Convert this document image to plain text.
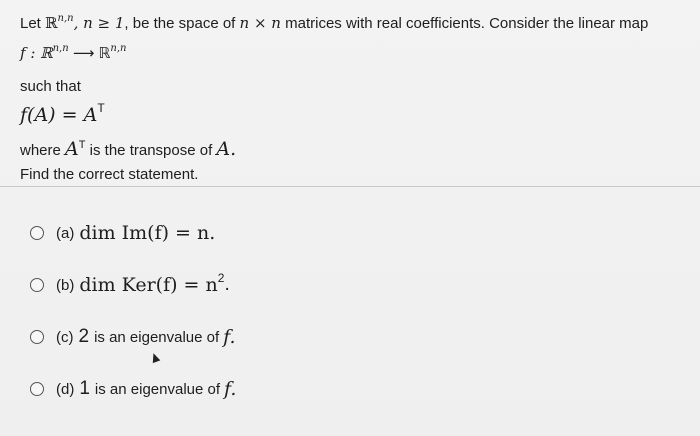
Let ℝ$^{n,n}$, n ≥ 1, be the space of n × n matrices with real coefficients. Consider the linear map
f : ℝ$^{n,n}$ ⟶ ℝ$^{n,n}$
such that
$f(A) = A^T$
where $A^T$ is the transpose of A.
Find the correct statement.
(a) dim Im(f) = n.
(b) dim Ker(f) = n 2 .
(c) 2 is an eigenvalue of f.
(d) 1 is an eigenvalue of f.
